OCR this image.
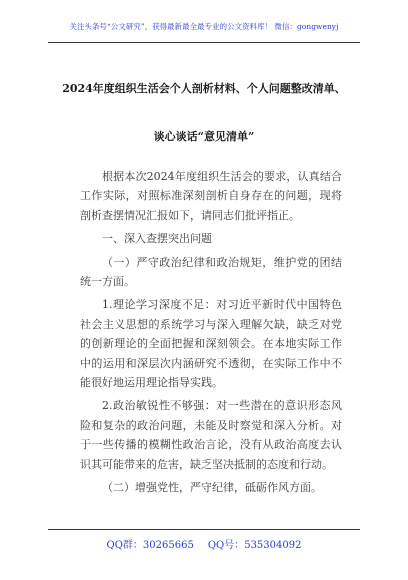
关注头条号“公文研究”，获得最新最全最专业的公文资料库！ 微信：gongwenyj
2024年度组织生活会个人剖析材料、个人问题整改清单、
谈心谈话“意见清单”

根据本次2024年度组织生活会的要求，认真结合工作实际，对照标准深刻剖析自身存在的问题，现将剖析查摆情况汇报如下，请同志们批评指正。

一、深入查摆突出问题

（一）严守政治纪律和政治规矩，维护党的团结统一方面。

1.理论学习深度不足：对习近平新时代中国特色社会主义思想的系统学习与深入理解欠缺，缺乏对党的创新理论的全面把握和深刻领会。在本地实际工作中的运用和深层次内涵研究不透彻，在实际工作中不能很好地运用理论指导实践。

2.政治敏锐性不够强：对一些潜在的意识形态风险和复杂的政治问题，未能及时察觉和深入分析。对于一些传播的模糊性政治言论，没有从政治高度去认识其可能带来的危害，缺乏坚决抵制的态度和行动。

（二）增强党性，严守纪律，砥砺作风方面。

QQ群：30265665 QQ号：535304092
